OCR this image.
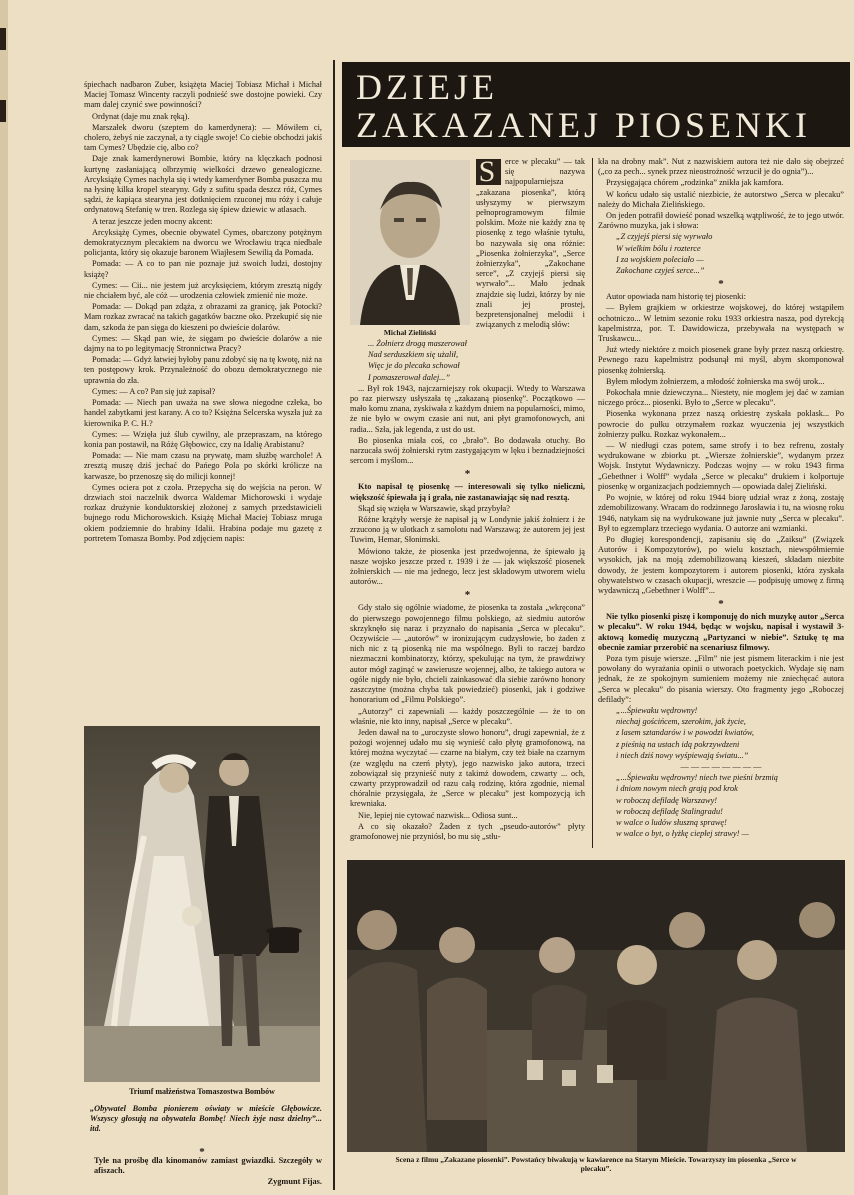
śpiechach nadbaron Zuber, książęta Maciej Tobiasz Michał i Michał Maciej Tomasz Wincenty raczyli podnieść swe dostojne powieki. Czy mam dalej czynić swe powinności?

Ordynat (daje mu znak ręką).

Marszałek dworu (szeptem do kamerdynera): — Mówiłem ci, cholero, żebyś nie zaczynał, a ty ciągle swoje! Co ciebie obchodzi jakiś tam Cymes? Ubędzie cię, albo co?

Daje znak kamerdynerowi Bombie, który na klęczkach podnosi kurtynę zasłaniającą olbrzymię wielkości drzewo genealogiczne. Arcyksiążę Cymes nachyla się i wtedy kamerdyner Bomba puszcza mu na łysinę kilka kropel stearyny. Gdy z sufitu spada deszcz róż, Cymes sądzi, że kapiąca stearyna jest dotknięciem rzuconej mu róży i całuje ordynatową Stefanię w tren. Rozlega się śpiew dziewic w atlasach.

A teraz jeszcze jeden mocny akcent:

Arcyksiążę Cymes, obecnie obywatel Cymes, obarczony potężnym demokratycznym plecakiem na dworcu we Wrocławiu trąca niedbale policjanta, który się okazuje baronem Wiajłesem Sewilią da Pomada.

Pomada: — A co to pan nie poznaje już swoich ludzi, dostojny książę?

Cymes: — Cii... nie jestem już arcyksięciem, którym zresztą nigdy nie chciałem być, ale cóż — urodzenia człowiek zmienić nie może.

Pomada: — Dokąd pan zdąża, z obrazami za granicę, jak Potocki? Mam rozkaz zwracać na takich gagatków baczne oko. Przekupić się nie dam, szkoda że pan sięga do kieszeni po dwieście dolarów.

Cymes: — Skąd pan wie, że sięgam po dwieście dolarów a nie dajmy na to po legitymację Stronnictwa Pracy?

Pomada: — Gdyż łatwiej byłoby panu zdobyć się na tę kwotę, niż na ten postępowy krok. Przynależność do obozu demokratycznego nie uprawnia do zła.

Cymes: — A co? Pan się już zapisał?

Pomada: — Niech pan uważa na swe słowa niegodne człeka, bo handel zabytkami jest karany. A co to? Księżna Selcerska wyszła już za kierownika P. C. H.?

Cymes: — Wzięła już ślub cywilny, ale przepraszam, na którego konia pan postawił, na Różę Głębowicc, czy na Idalię Arabistanu?

Pomada: — Nie mam czasu na prywatę, mam służbę warchole! A zresztą muszę dziś jechać do Pańego Pola po skórki królicze na karwasze, bo przenoszę się do milicji konnej!

Cymes ociera pot z czoła. Przepycha się do wejścia na peron. W drzwiach stoi naczelnik dworca Waldemar Michorowski i wydaje rozkaz drużynie konduktorskiej złożonej z samych przedstawicieli bujnego rodu Michorowskich. Książę Michał Maciej Tobiasz mruga okiem podziemnie do hrabiny Idalii. Hrabina podaje mu gazetę z portretem Tomasza Bomby. Pod zdjęciem napis:

Triumf małżeństwa Tomaszostwa Bombów
„Obywatel Bomba pionierem oświaty w mieście Głębowicze. Wszyscy głosują na obywatela Bombę! Niech żyje nasz dzielny”... itd.
*
Tyle na prośbę dla kinomanów zamiast gwiazdki. Szczegóły w afiszach.
Zygmunt Fijas.
DZIEJE
ZAKAZANEJ PIOSENKI
Michał Zieliński

S	erce w plecaku” — tak się nazywa najpopularniejsza „zakazana piosenka”, którą usłyszymy w pierwszym pełnoprogramowym filmie polskim. Może nie każdy zna tę piosenkę z tego właśnie tytułu, bo nazywała się ona różnie: „Piosenka żołnierzyka”, „Serce żołnierzyka”, „Zakochane serce”, „Z czyjejś piersi się wyrwało”... Mało jednak znajdzie się ludzi, którzy by nie znali jej prostej, bezpretensjonalnej melodii i związanych z melodią słów:

... Żołnierz drogą maszerował

Nad serduszkiem się użalił,

Więc je do plecaka schował

I pomaszerował dalej...”

... Był rok 1943, najczarniejszy rok okupacji. Wtedy to Warszawa po raz pierwszy usłyszała tę „zakazaną piosenkę”. Początkowo — mało komu znana, zyskiwała z każdym dniem na popularności, mimo, że nie było w owym czasie ani nut, ani płyt gramofonowych, ani radia... Szła, jak legenda, z ust do ust.

Bo piosenka miała coś, co „brało”. Bo dodawała otuchy. Bo narzucała swój żołnierski rytm zastygającym w lęku i beznadziejności sercom i myślom...

*

Kto napisał tę piosenkę — interesowali się tylko nieliczni, większość śpiewała ją i grała, nie zastanawiając się nad resztą.

Skąd się wzięła w Warszawie, skąd przybyła?

Różne krążyły wersje że napisał ją w Londynie jakiś żołnierz i że zrzucono ją w ulotkach z samolotu nad Warszawą; że autorem jej jest Tuwim, Hemar, Słonimski.

Mówiono także, że piosenka jest przedwojenna, że śpiewało ją nasze wojsko jeszcze przed r. 1939 i że — jak większość piosenek żołnierskich — nie ma jednego, lecz jest składowym utworem wielu autorów...

*

Gdy stało się ogólnie wiadome, że piosenka ta została „wkręcona” do pierwszego powojennego filmu polskiego, aż siedmiu autorów skrzyknęło się naraz i przyznało do napisania „Serca w plecaku”. Oczywiście — „autorów” w ironizującym cudzysłowie, bo żaden z nich nic z tą piosenką nie ma wspólnego. Byli to raczej bardzo niezmaczni kombinatorzy, którzy, spekulując na tym, że prawdziwy autor mógł zaginąć w zawierusze wojennej, albo, że takiego autora w ogóle nigdy nie było, chcieli zainkasować dla siebie zarówno honory zaszczytne (można chyba tak powiedzieć) piosenki, jak i godziwe honorarium od „Filmu Polskiego”.

„Autorzy” ci zapewniali — każdy poszczególnie — że to on właśnie, nie kto inny, napisał „Serce w plecaku”.

Jeden dawał na to „uroczyste słowo honoru”, drugi zapewniał, że z pożogi wojennej udało mu się wynieść cało płytę gramofonową, na której można wyczytać — czarne na białym, czy też białe na czarnym (ze względu na czerń płyty), jego nazwisko jako autora, trzeci zobowiązał się przynieść nuty z takimż dowodem, czwarty ... och, czwarty przyprowadził od razu całą rodzinę, która zgodnie, niemal chóralnie przysięgała, że „Serce w plecaku” jest kompozycją ich krewniaka.

Nie, lepiej nie cytować nazwisk... Odiosa sunt...

A co się okazało? Żaden z tych „pseudo-autorów” płyty gramofonowej nie przyniósł, bo mu się „stłu-

kła na drobny mak”. Nut z nazwiskiem autora też nie dało się obejrzeć („co za pech... synek przez nieostrożność wrzucił je do ognia”)...

Przysięgająca chórem „rodzinka” znikła jak kamfora.

W końcu udało się ustalić niezbicie, że autorstwo „Serca w plecaku” należy do Michała Zielińskiego.

On jeden potrafił dowieść ponad wszelką wątpliwość, że to jego utwór. Zarówno muzyka, jak i słowa:

„Z czyjejś piersi się wyrwało

W wielkim bólu i rozterce

I za wojskiem poleciało —

Zakochane czyjeś serce...”

*

Autor opowiada nam historię tej piosenki:

— Byłem grajkiem w orkiestrze wojskowej, do której wstąpiłem ochotniczo... W letnim sezonie roku 1933 orkiestra nasza, pod dyrekcją kapelmistrza, por. T. Dawidowicza, przebywała na występach w Truskawcu...

Już wtedy niektóre z moich piosenek grane były przez naszą orkiestrę. Pewnego razu kapelmistrz podsunął mi myśl, abym skomponował piosenkę żołnierską.

Byłem młodym żołnierzem, a młodość żołnierska ma swój urok...

Pokochała mnie dziewczyna... Niestety, nie mogłem jej dać w zamian niczego prócz... piosenki. Było to „Serce w plecaku”.

Piosenka wykonana przez naszą orkiestrę zyskała poklask... Po powrocie do pułku otrzymałem rozkaz wyuczenia jej wszystkich żołnierzy pułku. Rozkaz wykonałem...

— W niedługi czas potem, same strofy i to bez refrenu, zostały wydrukowane w zbiorku pt. „Wiersze żołnierskie”, wydanym przez Wojsk. Instytut Wydawniczy. Podczas wojny — w roku 1943 firma „Gebethner i Wolff” wydała „Serce w plecaku” drukiem i kolportuje piosenkę w organizacjach podziemnych — opowiada dalej Zieliński.

Po wojnie, w której od roku 1944 biorę udział wraz z żoną, zostaję zdemobilizowany. Wracam do rodzinnego Jarosławia i tu, na wiosnę roku 1946, natykam się na wydrukowane już jawnie nuty „Serca w plecaku”. Był to egzemplarz trzeciego wydania. O autorze ani wzmianki.

Po długiej korespondencji, zapisaniu się do „Zaiksu” (Związek Autorów i Kompozytorów), po wielu kosztach, niewspółmiernie wysokich, jak na moją zdemobilizowaną kieszeń, składam niezbite dowody, że jestem kompozytorem i autorem piosenki, która zyskała obywatelstwo w czasach okupacji, wreszcie — podpisuję umowę z firmą wydawniczą „Gebethner i Wolff”...

*

Nie tylko piosenki piszę i komponuję do nich muzykę autor „Serca w plecaku”. W roku 1944, będąc w wojsku, napisał i wystawił 3-aktową komedię muzyczną „Partyzanci w niebie”. Sztukę tę ma obecnie zamiar przerobić na scenariusz filmowy.

Poza tym pisuje wiersze. „Film” nie jest pismem literackim i nie jest powołany do wyrażania opinii o utworach poetyckich. Wydaje się nam jednak, że ze spokojnym sumieniem możemy nie zniechęcać autora „Serca w plecaku” do pisania wierszy. Oto fragmenty jego „Roboczej defilady”:

„...Śpiewaku wędrowny!

niechaj gościńcem, szerokim, jak życie,

z lasem sztandarów i w powodzi kwiatów,

z pieśnią na ustach idą pokrzywdzeni

i niech dziś nowy wyśpiewają światu...”

— — — — — — — —

„...Śpiewaku wędrowny! niech twe pieśni brzmią

i dniom nowym niech grają pod krok

w roboczą defiladę Warszawy!

w roboczą defiladę Stalingradu!

w walce o ludów słuszną sprawę!

w walce o byt, o łyżkę ciepłej strawy! —

Scena z filmu „Zakazane piosenki”. Powstańcy biwakują w kawiarence na Starym Mieście. Towarzyszy im piosenka „Serce w plecaku”.
